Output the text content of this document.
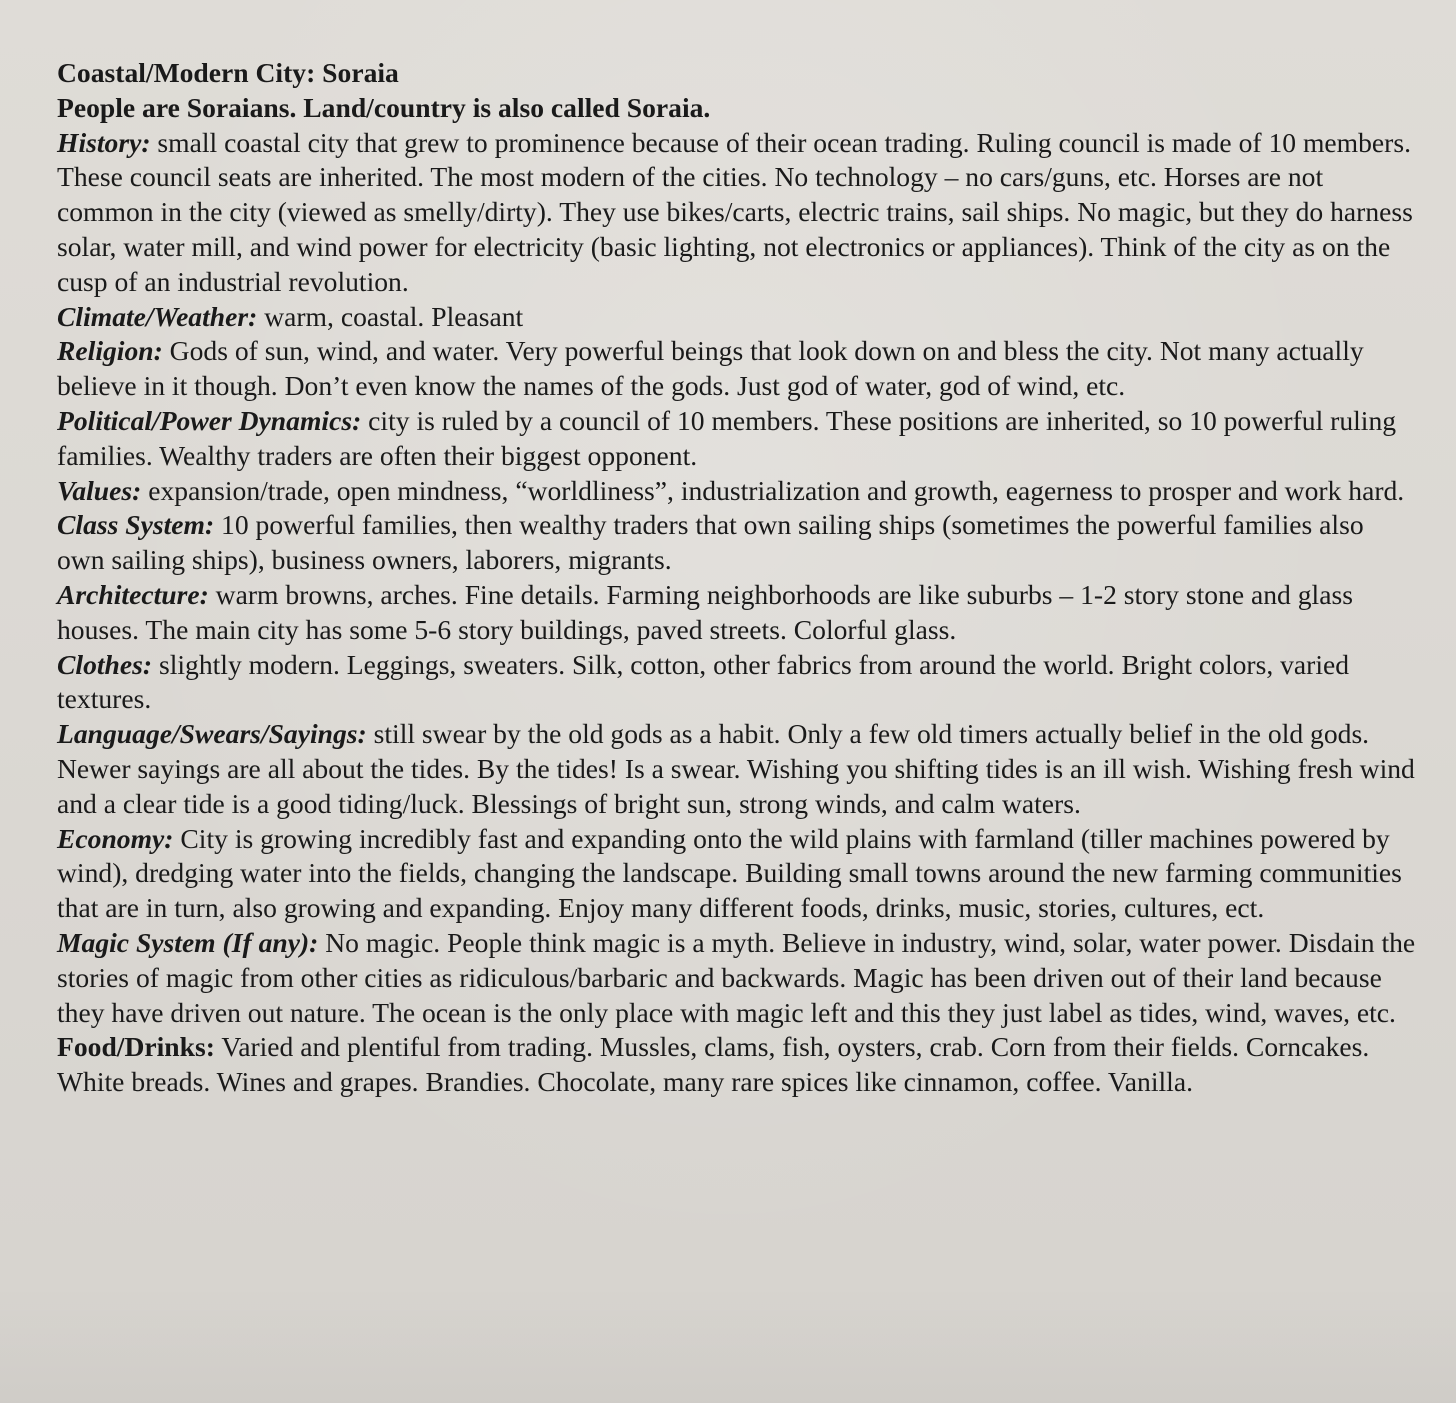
Coastal/Modern City: Soraia
People are Soraians. Land/country is also called Soraia.
History: small coastal city that grew to prominence because of their ocean trading. Ruling council is made of 10 members. These council seats are inherited. The most modern of the cities. No technology – no cars/guns, etc. Horses are not common in the city (viewed as smelly/dirty). They use bikes/carts, electric trains, sail ships. No magic, but they do harness solar, water mill, and wind power for electricity (basic lighting, not electronics or appliances). Think of the city as on the cusp of an industrial revolution.
Climate/Weather: warm, coastal. Pleasant
Religion: Gods of sun, wind, and water. Very powerful beings that look down on and bless the city. Not many actually believe in it though. Don’t even know the names of the gods. Just god of water, god of wind, etc.
Political/Power Dynamics: city is ruled by a council of 10 members. These positions are inherited, so 10 powerful ruling families. Wealthy traders are often their biggest opponent.
Values: expansion/trade, open mindness, “worldliness”, industrialization and growth, eagerness to prosper and work hard.
Class System: 10 powerful families, then wealthy traders that own sailing ships (sometimes the powerful families also own sailing ships), business owners, laborers, migrants.
Architecture: warm browns, arches. Fine details. Farming neighborhoods are like suburbs – 1-2 story stone and glass houses. The main city has some 5-6 story buildings, paved streets. Colorful glass.
Clothes: slightly modern. Leggings, sweaters. Silk, cotton, other fabrics from around the world. Bright colors, varied textures.
Language/Swears/Sayings: still swear by the old gods as a habit. Only a few old timers actually belief in the old gods. Newer sayings are all about the tides. By the tides! Is a swear. Wishing you shifting tides is an ill wish. Wishing fresh wind and a clear tide is a good tiding/luck. Blessings of bright sun, strong winds, and calm waters.
Economy: City is growing incredibly fast and expanding onto the wild plains with farmland (tiller machines powered by wind), dredging water into the fields, changing the landscape. Building small towns around the new farming communities that are in turn, also growing and expanding. Enjoy many different foods, drinks, music, stories, cultures, ect.
Magic System (If any): No magic. People think magic is a myth. Believe in industry, wind, solar, water power. Disdain the stories of magic from other cities as ridiculous/barbaric and backwards. Magic has been driven out of their land because they have driven out nature. The ocean is the only place with magic left and this they just label as tides, wind, waves, etc.
Food/Drinks: Varied and plentiful from trading. Mussles, clams, fish, oysters, crab. Corn from their fields. Corncakes. White breads. Wines and grapes. Brandies. Chocolate, many rare spices like cinnamon, coffee. Vanilla.
